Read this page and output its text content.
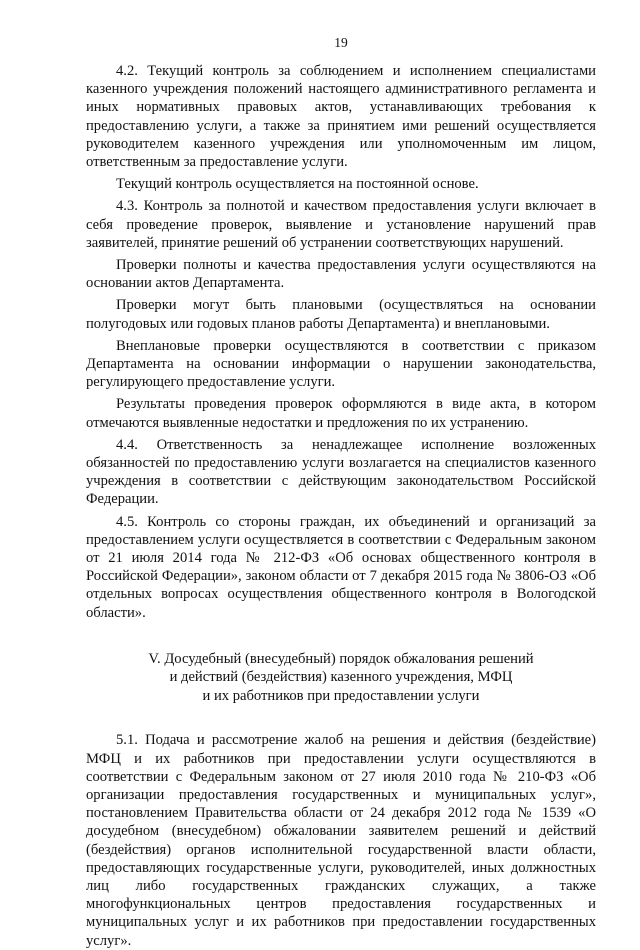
19

4.2. Текущий контроль за соблюдением и исполнением специалистами казенного учреждения положений настоящего административного регламента и иных нормативных правовых актов, устанавливающих требования к предоставлению услуги, а также за принятием ими решений осуществляется руководителем казенного учреждения или уполномоченным им лицом, ответственным за предоставление услуги.

Текущий контроль осуществляется на постоянной основе.

4.3. Контроль за полнотой и качеством предоставления услуги включает в себя проведение проверок, выявление и установление нарушений прав заявителей, принятие решений об устранении соответствующих нарушений.

Проверки полноты и качества предоставления услуги осуществляются на основании актов Департамента.

Проверки могут быть плановыми (осуществляться на основании полугодовых или годовых планов работы Департамента) и внеплановыми.

Внеплановые проверки осуществляются в соответствии с приказом Департамента на основании информации о нарушении законодательства, регулирующего предоставление услуги.

Результаты проведения проверок оформляются в виде акта, в котором отмечаются выявленные недостатки и предложения по их устранению.

4.4. Ответственность за ненадлежащее исполнение возложенных обязанностей по предоставлению услуги возлагается на специалистов казенного учреждения в соответствии с действующим законодательством Российской Федерации.

4.5. Контроль со стороны граждан, их объединений и организаций за предоставлением услуги осуществляется в соответствии с Федеральным законом от 21 июля 2014 года № 212-ФЗ «Об основах общественного контроля в Российской Федерации», законом области от 7 декабря 2015 года № 3806-ОЗ «Об отдельных вопросах осуществления общественного контроля в Вологодской области».

V. Досудебный (внесудебный) порядок обжалования решений
и действий (бездействия) казенного учреждения, МФЦ
и их работников при предоставлении услуги

5.1. Подача и рассмотрение жалоб на решения и действия (бездействие) МФЦ и их работников при предоставлении услуги осуществляются в соответствии с Федеральным законом от 27 июля 2010 года № 210-ФЗ «Об организации предоставления государственных и муниципальных услуг», постановлением Правительства области от 24 декабря 2012 года № 1539 «О досудебном (внесудебном) обжаловании заявителем решений и действий (бездействия) органов исполнительной государственной власти области, предоставляющих государственные услуги, руководителей, иных должностных лиц либо государственных гражданских служащих, а также многофункциональных центров предоставления государственных и муниципальных услуг и их работников при предоставлении государственных услуг».
